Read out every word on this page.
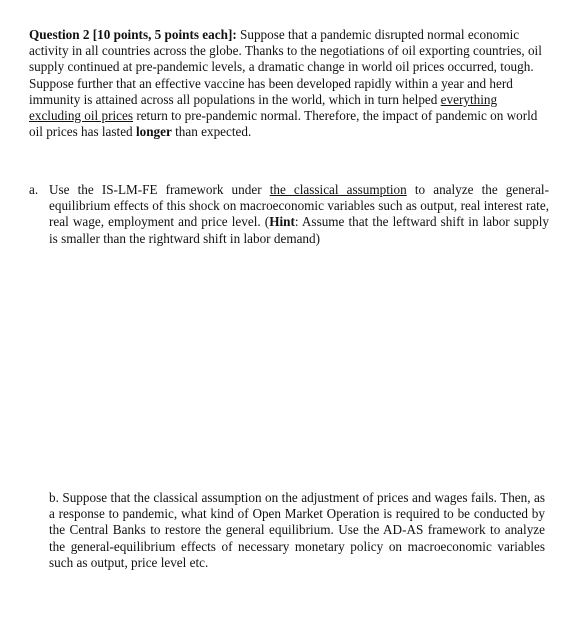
Question 2 [10 points, 5 points each]: Suppose that a pandemic disrupted normal economic activity in all countries across the globe. Thanks to the negotiations of oil exporting countries, oil supply continued at pre-pandemic levels, a dramatic change in world oil prices occurred, tough. Suppose further that an effective vaccine has been developed rapidly within a year and herd immunity is attained across all populations in the world, which in turn helped everything excluding oil prices return to pre-pandemic normal. Therefore, the impact of pandemic on world oil prices has lasted longer than expected.

a. Use the IS-LM-FE framework under the classical assumption to analyze the general-equilibrium effects of this shock on macroeconomic variables such as output, real interest rate, real wage, employment and price level. (Hint: Assume that the leftward shift in labor supply is smaller than the rightward shift in labor demand)

b. Suppose that the classical assumption on the adjustment of prices and wages fails. Then, as a response to pandemic, what kind of Open Market Operation is required to be conducted by the Central Banks to restore the general equilibrium. Use the AD-AS framework to analyze the general-equilibrium effects of necessary monetary policy on macroeconomic variables such as output, price level etc.
